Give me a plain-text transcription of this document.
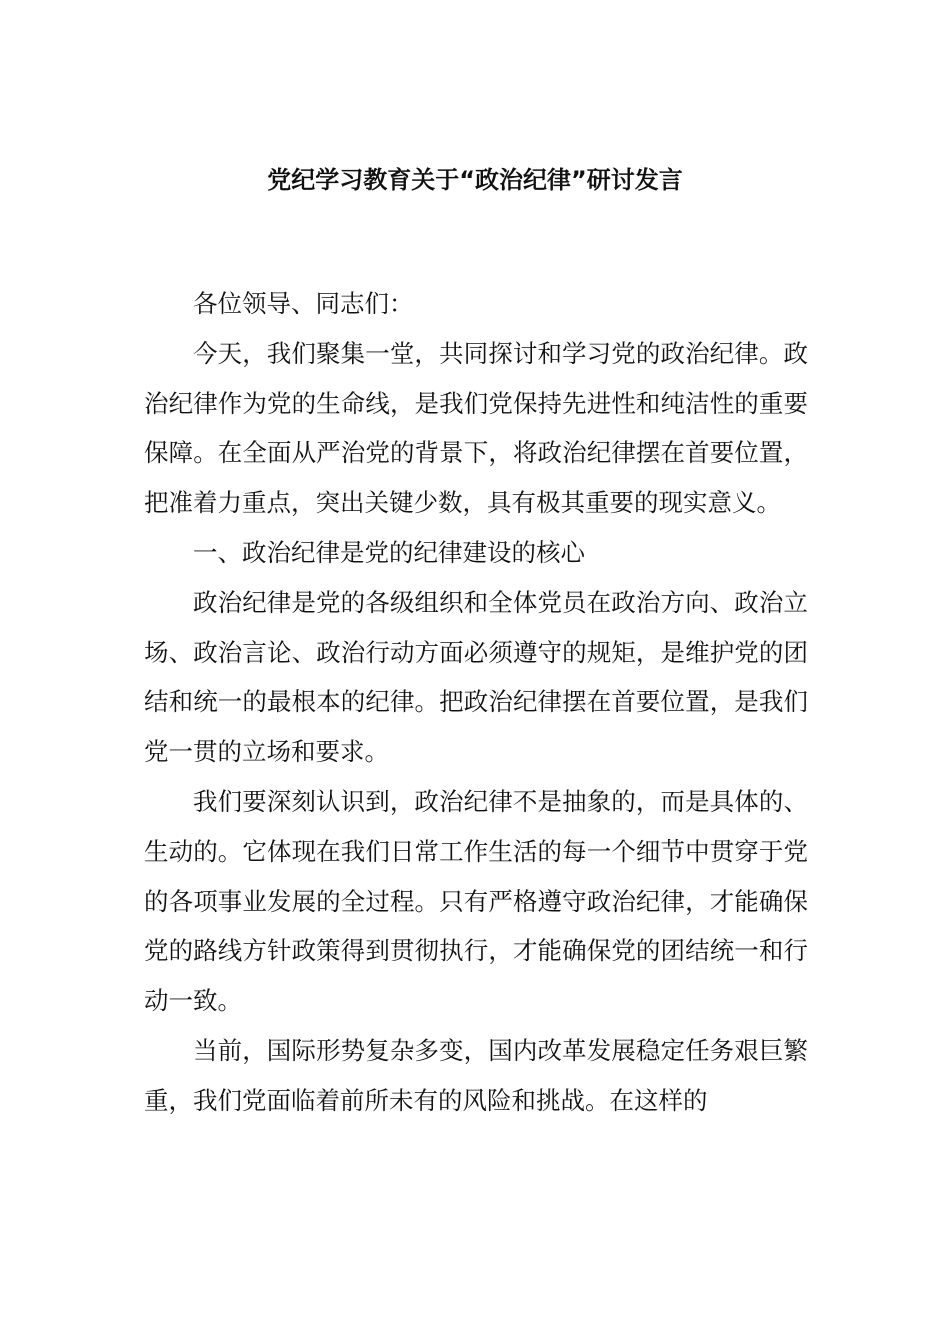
党纪学习教育关于“政治纪律”研讨发言

各位领导、同志们：

今天，我们聚集一堂，共同探讨和学习党的政治纪律。政治纪律作为党的生命线，是我们党保持先进性和纯洁性的重要保障。在全面从严治党的背景下，将政治纪律摆在首要位置，把准着力重点，突出关键少数，具有极其重要的现实意义。

一、政治纪律是党的纪律建设的核心

政治纪律是党的各级组织和全体党员在政治方向、政治立场、政治言论、政治行动方面必须遵守的规矩，是维护党的团结和统一的最根本的纪律。把政治纪律摆在首要位置，是我们党一贯的立场和要求。

我们要深刻认识到，政治纪律不是抽象的，而是具体的、生动的。它体现在我们日常工作生活的每一个细节中贯穿于党的各项事业发展的全过程。只有严格遵守政治纪律，才能确保党的路线方针政策得到贯彻执行，才能确保党的团结统一和行动一致。

当前，国际形势复杂多变，国内改革发展稳定任务艰巨繁重，我们党面临着前所未有的风险和挑战。在这样的
